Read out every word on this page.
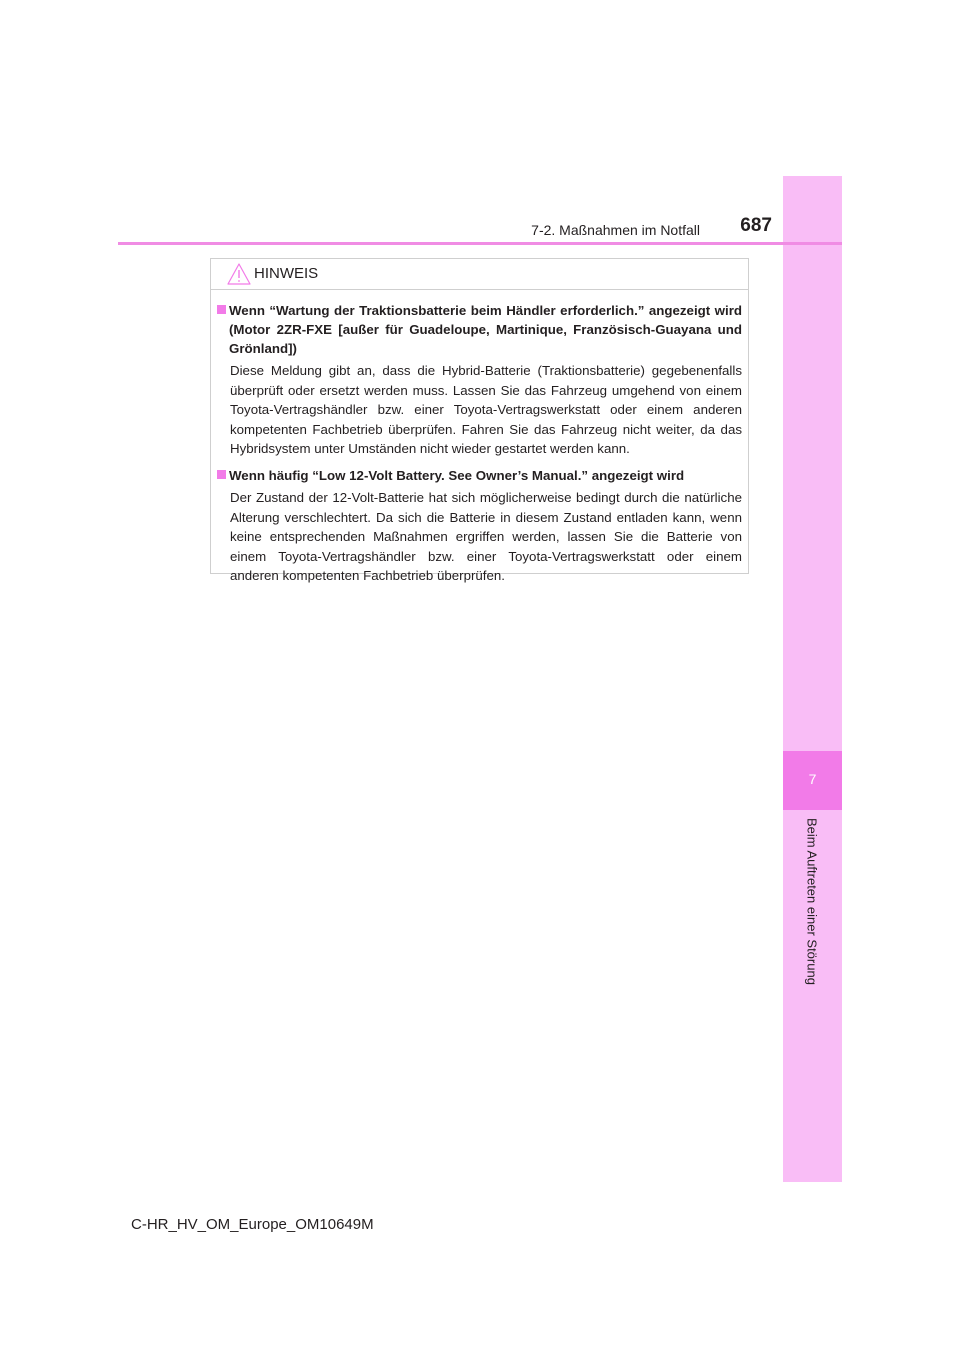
7
Beim Auftreten einer Störung
7-2. Maßnahmen im Notfall 687
HINWEIS
Wenn “Wartung der Traktionsbatterie beim Händler erforderlich.” angezeigt wird (Motor 2ZR-FXE [außer für Guadeloupe, Martinique, Französisch-Guayana und Grönland])
Diese Meldung gibt an, dass die Hybrid-Batterie (Traktionsbatterie) gegebenenfalls überprüft oder ersetzt werden muss. Lassen Sie das Fahrzeug umgehend von einem Toyota-Vertragshändler bzw. einer Toyota-Vertragswerkstatt oder einem anderen kompetenten Fachbetrieb überprüfen. Fahren Sie das Fahrzeug nicht weiter, da das Hybridsystem unter Umständen nicht wieder gestartet werden kann.
Wenn häufig “Low 12-Volt Battery. See Owner’s Manual.” angezeigt wird
Der Zustand der 12-Volt-Batterie hat sich möglicherweise bedingt durch die natürliche Alterung verschlechtert. Da sich die Batterie in diesem Zustand entladen kann, wenn keine entsprechenden Maßnahmen ergriffen werden, lassen Sie die Batterie von einem Toyota-Vertragshändler bzw. einer Toyota-Vertragswerkstatt oder einem anderen kompetenten Fachbetrieb überprüfen.
C-HR_HV_OM_Europe_OM10649M
